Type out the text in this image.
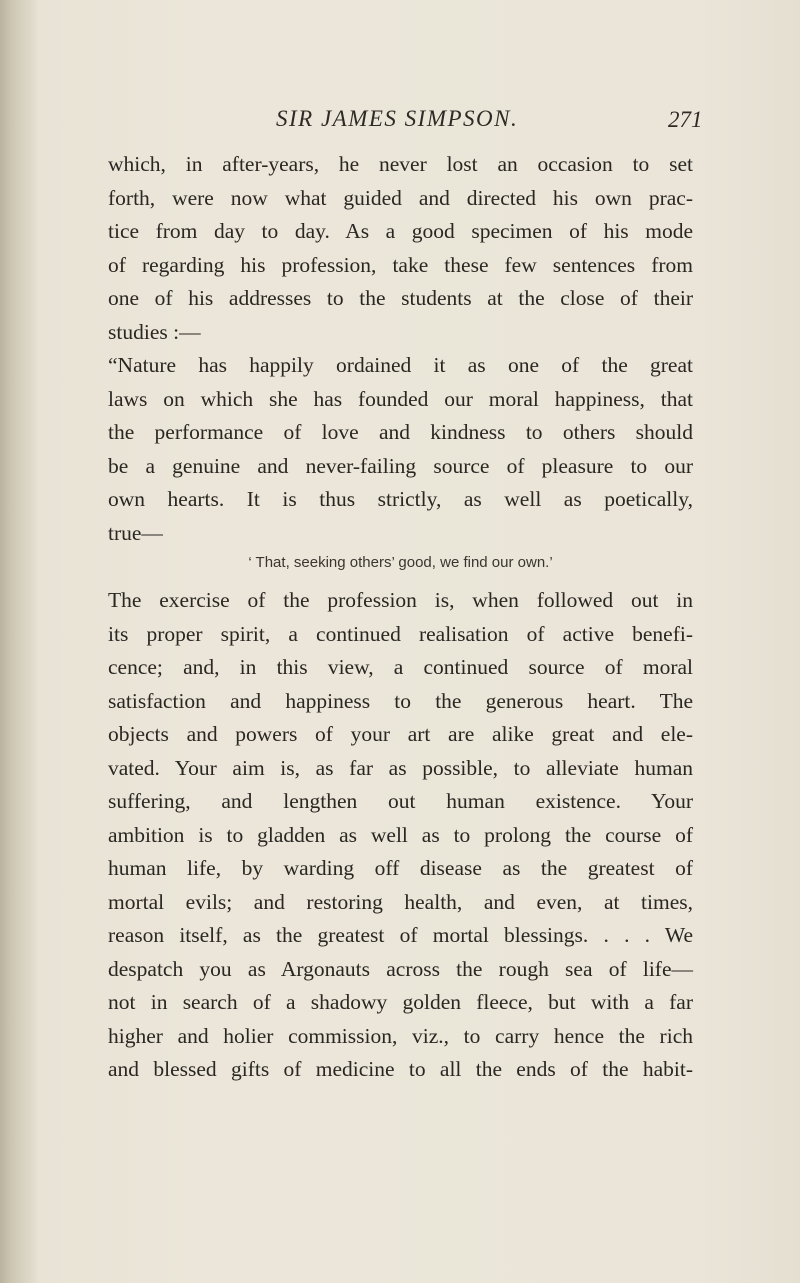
SIR JAMES SIMPSON.	271
which, in after-years, he never lost an occasion to set
forth, were now what guided and directed his own prac-
tice from day to day. As a good specimen of his mode
of regarding his profession, take these few sentences from
one of his addresses to the students at the close of their
studies :—
“Nature has happily ordained it as one of the great
laws on which she has founded our moral happiness, that
the performance of love and kindness to others should
be a genuine and never-failing source of pleasure to our
own hearts. It is thus strictly, as well as poetically,
true—
‘ That, seeking others’ good, we find our own.’
The exercise of the profession is, when followed out in
its proper spirit, a continued realisation of active benefi-
cence; and, in this view, a continued source of moral
satisfaction and happiness to the generous heart. The
objects and powers of your art are alike great and ele-
vated. Your aim is, as far as possible, to alleviate human
suffering, and lengthen out human existence. Your
ambition is to gladden as well as to prolong the course of
human life, by warding off disease as the greatest of
mortal evils; and restoring health, and even, at times,
reason itself, as the greatest of mortal blessings. . . . We
despatch you as Argonauts across the rough sea of life—
not in search of a shadowy golden fleece, but with a far
higher and holier commission, viz., to carry hence the rich
and blessed gifts of medicine to all the ends of the habit-
